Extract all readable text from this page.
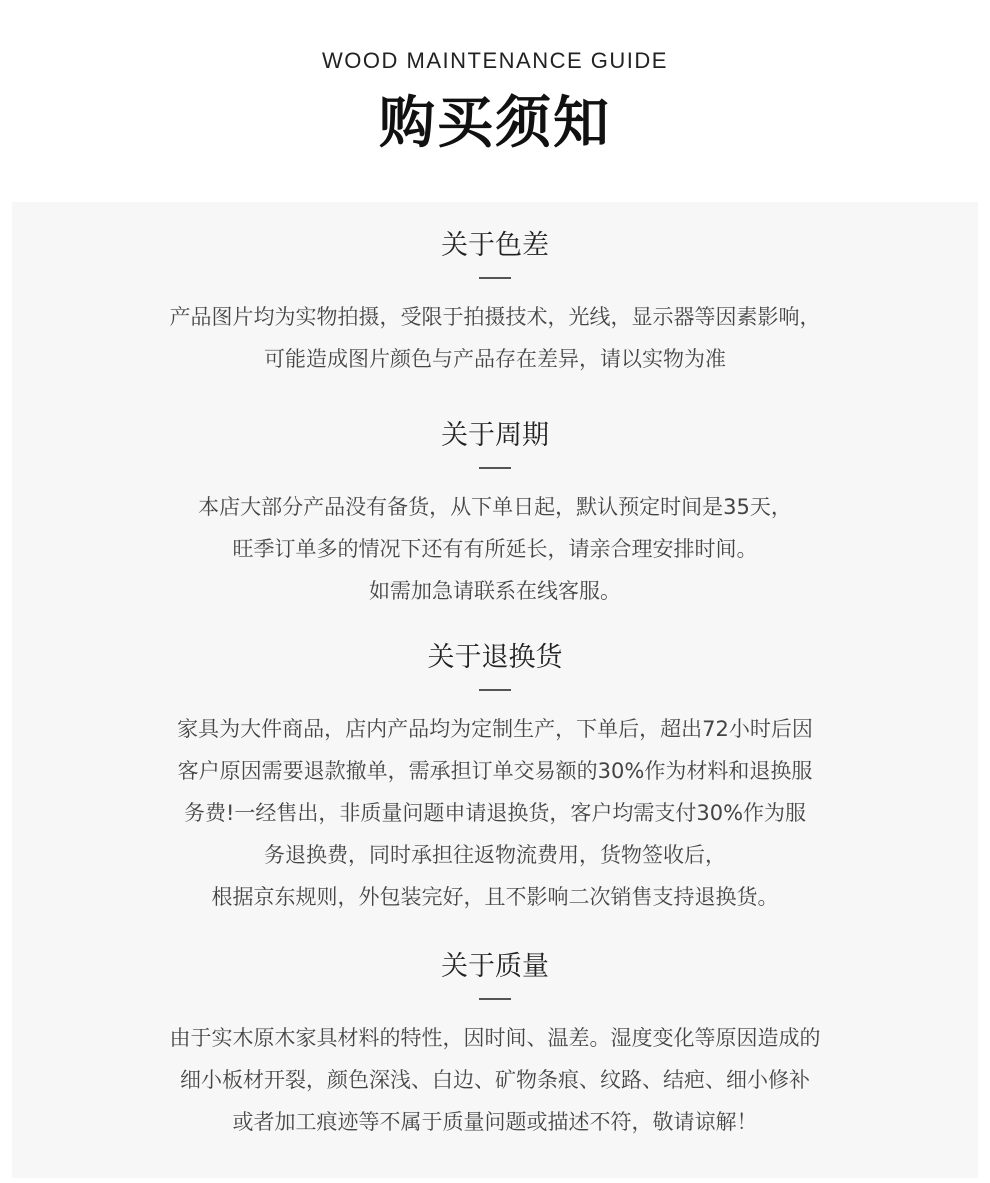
WOOD MAINTENANCE GUIDE
购买须知
关于色差
产品图片均为实物拍摄，受限于拍摄技术，光线，显示器等因素影响，
可能造成图片颜色与产品存在差异，请以实物为准
关于周期
本店大部分产品没有备货，从下单日起，默认预定时间是35天，
旺季订单多的情况下还有有所延长，请亲合理安排时间。
如需加急请联系在线客服。
关于退换货
家具为大件商品，店内产品均为定制生产，下单后，超出72小时后因
客户原因需要退款撤单，需承担订单交易额的30%作为材料和退换服
务费!一经售出，非质量问题申请退换货，客户均需支付30%作为服
务退换费，同时承担往返物流费用，货物签收后，
根据京东规则，外包装完好，且不影响二次销售支持退换货。
关于质量
由于实木原木家具材料的特性，因时间、温差。湿度变化等原因造成的
细小板材开裂，颜色深浅、白边、矿物条痕、纹路、结疤、细小修补
或者加工痕迹等不属于质量问题或描述不符，敬请谅解！
